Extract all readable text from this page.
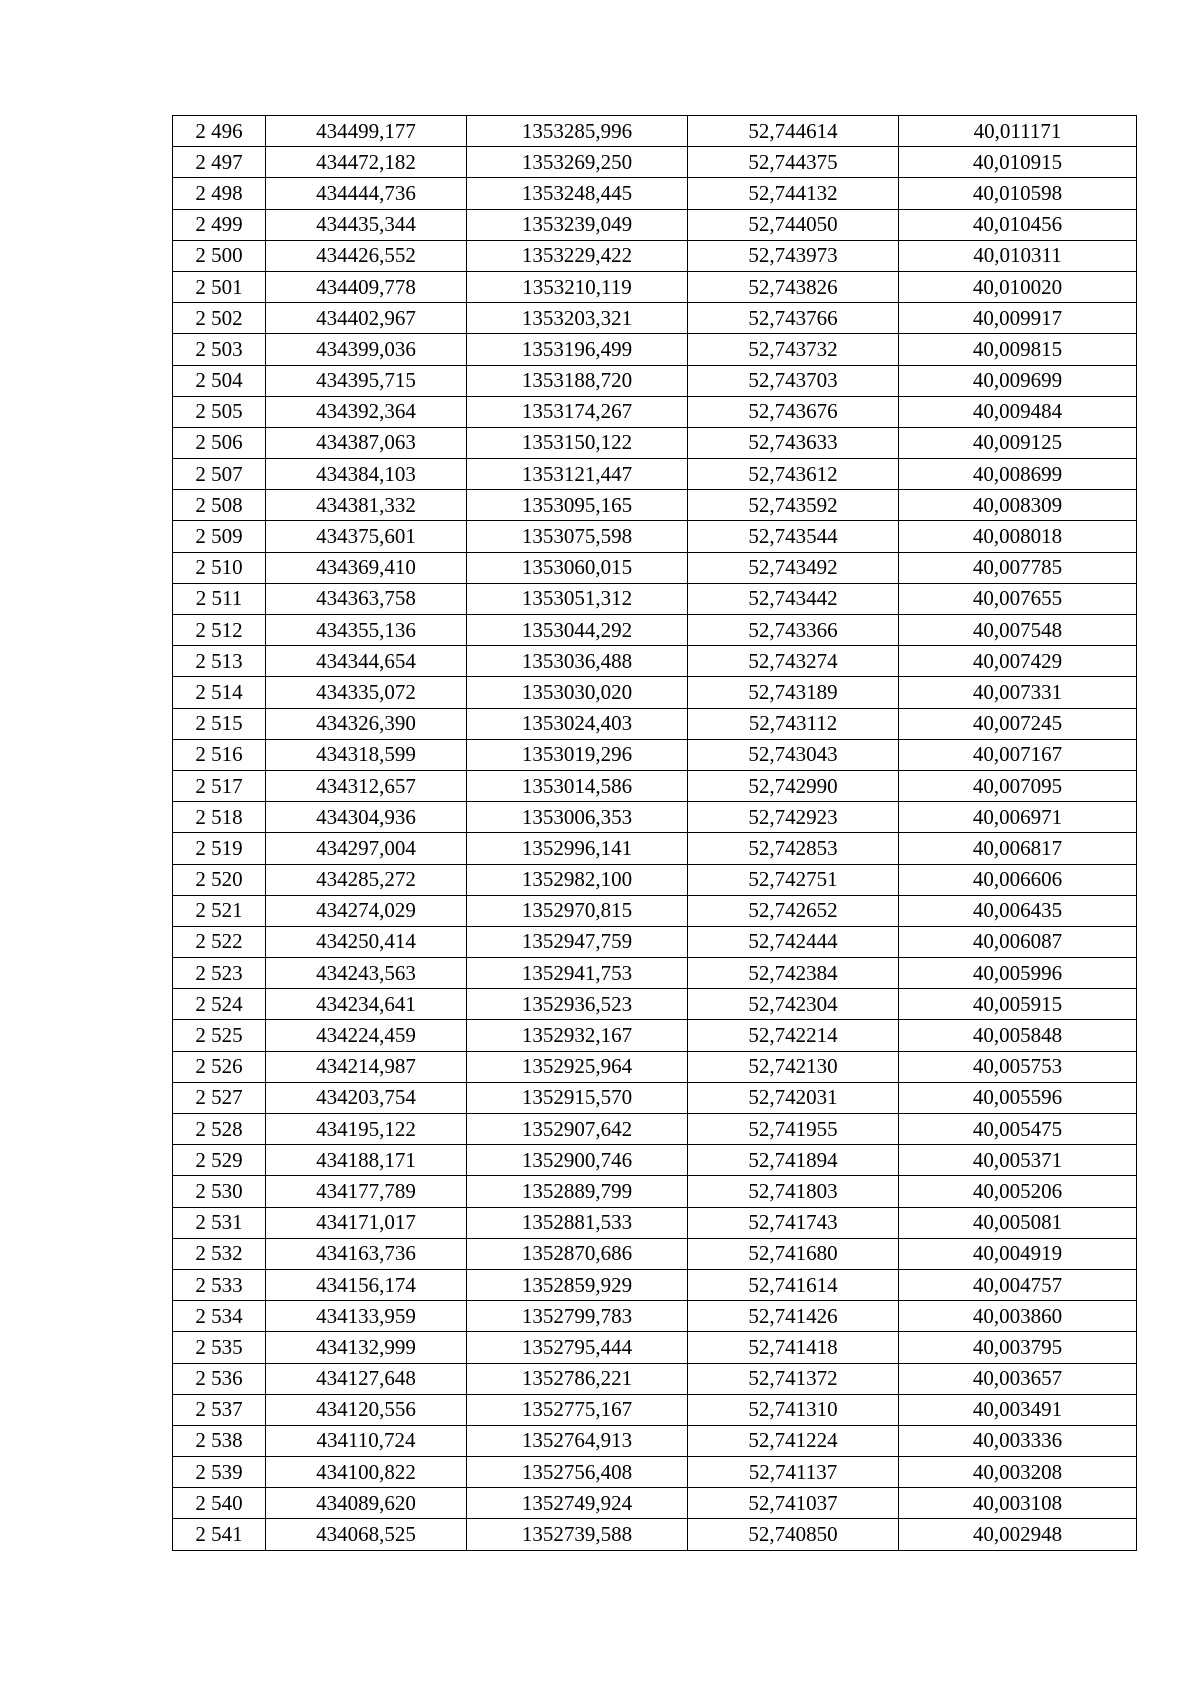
2 496	434499,177	1353285,996	52,744614	40,011171
2 497	434472,182	1353269,250	52,744375	40,010915
2 498	434444,736	1353248,445	52,744132	40,010598
2 499	434435,344	1353239,049	52,744050	40,010456
2 500	434426,552	1353229,422	52,743973	40,010311
2 501	434409,778	1353210,119	52,743826	40,010020
2 502	434402,967	1353203,321	52,743766	40,009917
2 503	434399,036	1353196,499	52,743732	40,009815
2 504	434395,715	1353188,720	52,743703	40,009699
2 505	434392,364	1353174,267	52,743676	40,009484
2 506	434387,063	1353150,122	52,743633	40,009125
2 507	434384,103	1353121,447	52,743612	40,008699
2 508	434381,332	1353095,165	52,743592	40,008309
2 509	434375,601	1353075,598	52,743544	40,008018
2 510	434369,410	1353060,015	52,743492	40,007785
2 511	434363,758	1353051,312	52,743442	40,007655
2 512	434355,136	1353044,292	52,743366	40,007548
2 513	434344,654	1353036,488	52,743274	40,007429
2 514	434335,072	1353030,020	52,743189	40,007331
2 515	434326,390	1353024,403	52,743112	40,007245
2 516	434318,599	1353019,296	52,743043	40,007167
2 517	434312,657	1353014,586	52,742990	40,007095
2 518	434304,936	1353006,353	52,742923	40,006971
2 519	434297,004	1352996,141	52,742853	40,006817
2 520	434285,272	1352982,100	52,742751	40,006606
2 521	434274,029	1352970,815	52,742652	40,006435
2 522	434250,414	1352947,759	52,742444	40,006087
2 523	434243,563	1352941,753	52,742384	40,005996
2 524	434234,641	1352936,523	52,742304	40,005915
2 525	434224,459	1352932,167	52,742214	40,005848
2 526	434214,987	1352925,964	52,742130	40,005753
2 527	434203,754	1352915,570	52,742031	40,005596
2 528	434195,122	1352907,642	52,741955	40,005475
2 529	434188,171	1352900,746	52,741894	40,005371
2 530	434177,789	1352889,799	52,741803	40,005206
2 531	434171,017	1352881,533	52,741743	40,005081
2 532	434163,736	1352870,686	52,741680	40,004919
2 533	434156,174	1352859,929	52,741614	40,004757
2 534	434133,959	1352799,783	52,741426	40,003860
2 535	434132,999	1352795,444	52,741418	40,003795
2 536	434127,648	1352786,221	52,741372	40,003657
2 537	434120,556	1352775,167	52,741310	40,003491
2 538	434110,724	1352764,913	52,741224	40,003336
2 539	434100,822	1352756,408	52,741137	40,003208
2 540	434089,620	1352749,924	52,741037	40,003108
2 541	434068,525	1352739,588	52,740850	40,002948
